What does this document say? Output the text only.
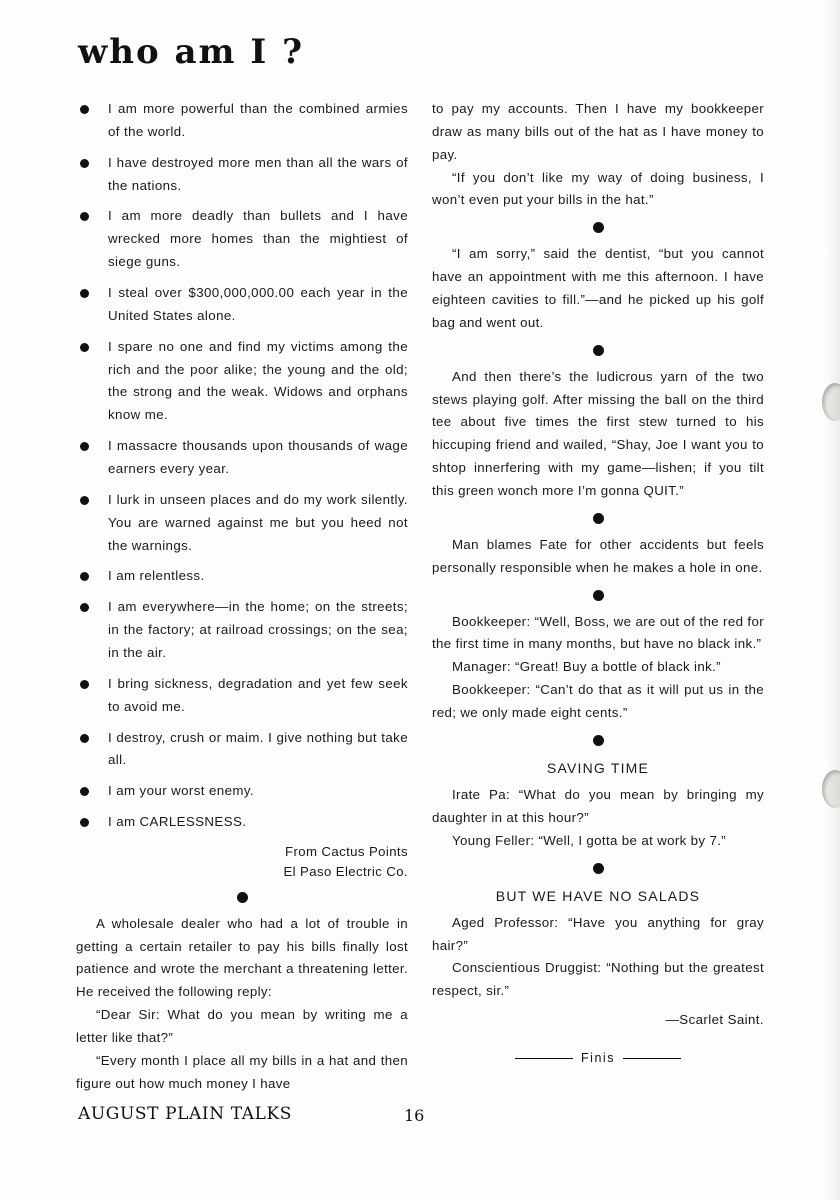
who am I ?
I am more powerful than the combined armies of the world.
I have destroyed more men than all the wars of the nations.
I am more deadly than bullets and I have wrecked more homes than the mightiest of siege guns.
I steal over $300,000,000.00 each year in the United States alone.
I spare no one and find my victims among the rich and the poor alike; the young and the old; the strong and the weak. Widows and orphans know me.
I massacre thousands upon thousands of wage earners every year.
I lurk in unseen places and do my work silently. You are warned against me but you heed not the warnings.
I am relentless.
I am everywhere—in the home; on the streets; in the factory; at railroad crossings; on the sea; in the air.
I bring sickness, degradation and yet few seek to avoid me.
I destroy, crush or maim. I give nothing but take all.
I am your worst enemy.
I am CARLESSNESS.
From Cactus Points
El Paso Electric Co.

A wholesale dealer who had a lot of trouble in getting a certain retailer to pay his bills finally lost patience and wrote the merchant a threatening letter. He received the following reply:

“Dear Sir: What do you mean by writing me a letter like that?”

“Every month I place all my bills in a hat and then figure out how much money I have

to pay my accounts. Then I have my bookkeeper draw as many bills out of the hat as I have money to pay.

“If you don’t like my way of doing business, I won’t even put your bills in the hat.”

“I am sorry,” said the dentist, “but you cannot have an appointment with me this afternoon. I have eighteen cavities to fill.”—and he picked up his golf bag and went out.

And then there’s the ludicrous yarn of the two stews playing golf. After missing the ball on the third tee about five times the first stew turned to his hiccuping friend and wailed, “Shay, Joe I want you to shtop innerfering with my game—lishen; if you tilt this green wonch more I’m gonna QUIT.”

Man blames Fate for other accidents but feels personally responsible when he makes a hole in one.

Bookkeeper: “Well, Boss, we are out of the red for the first time in many months, but have no black ink.”

Manager: “Great! Buy a bottle of black ink.”

Bookkeeper: “Can’t do that as it will put us in the red; we only made eight cents.”

SAVING TIME

Irate Pa: “What do you mean by bringing my daughter in at this hour?”

Young Feller: “Well, I gotta be at work by 7.”

BUT WE HAVE NO SALADS

Aged Professor: “Have you anything for gray hair?”

Conscientious Druggist: “Nothing but the greatest respect, sir.”

—Scarlet Saint.
Finis
AUGUST PLAIN TALKS	16
